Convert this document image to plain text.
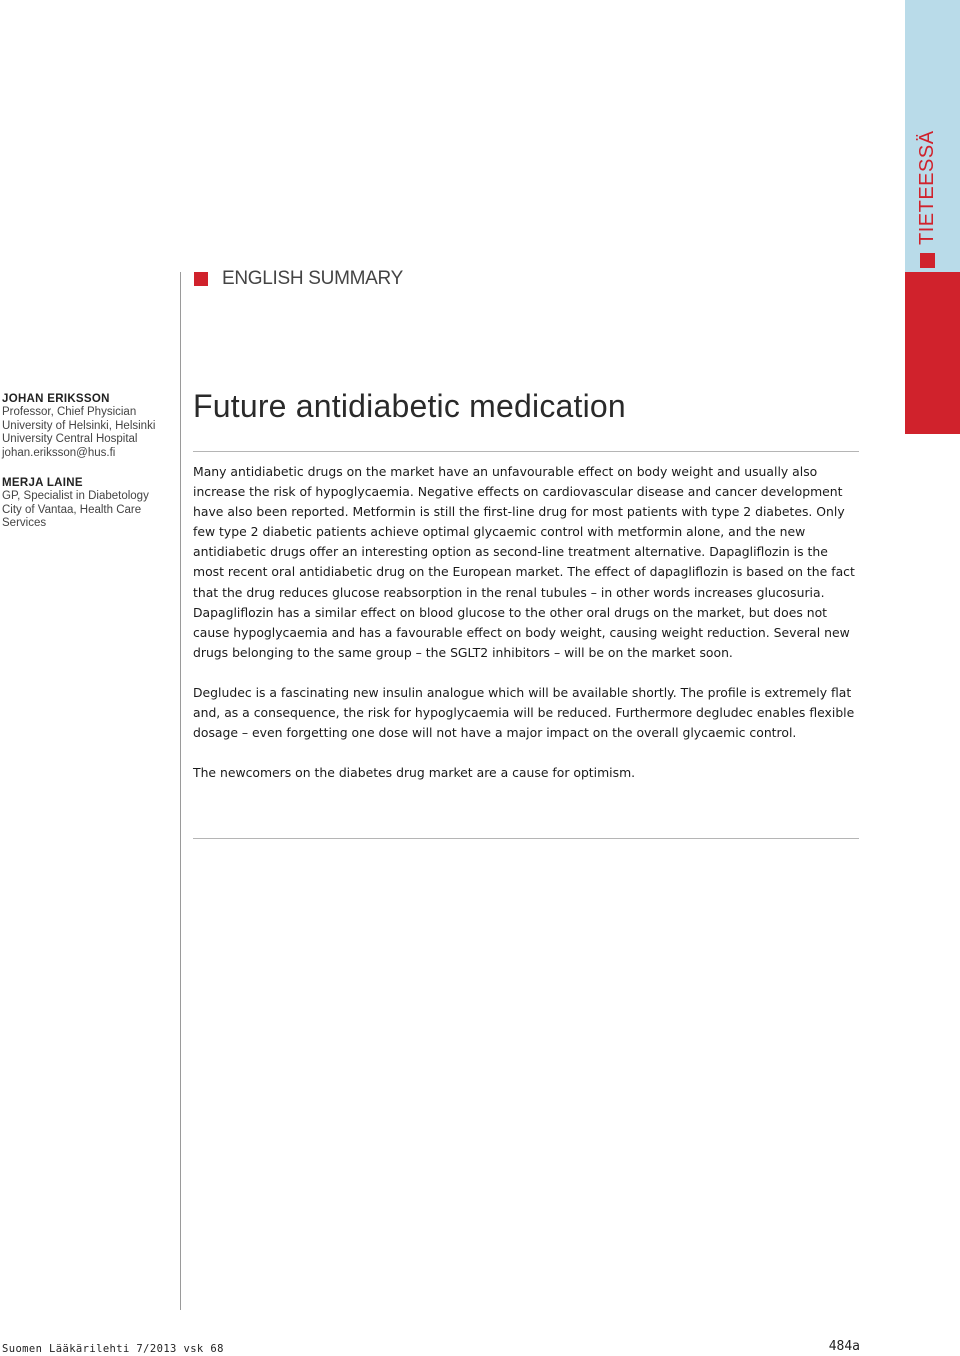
TIETEESSÄ
ENGLISH SUMMARY
JOHAN ERIKSSON
Professor, Chief Physician
University of Helsinki, Helsinki
University Central Hospital
johan.eriksson@hus.fi
MERJA LAINE
GP, Specialist in Diabetology
City of Vantaa, Health Care
Services
Future antidiabetic medication

Many antidiabetic drugs on the market have an unfavourable effect on body weight and usually also increase the risk of hypoglycaemia. Negative effects on cardiovascular disease and cancer development have also been reported. Metformin is still the first-line drug for most patients with type 2 diabetes. Only few type 2 diabetic patients achieve optimal glycaemic control with metformin alone, and the new antidiabetic drugs offer an interesting option as second-line treatment alternative. Dapagliflozin is the most recent oral antidiabetic drug on the European market. The effect of dapagliflozin is based on the fact that the drug reduces glucose reabsorption in the renal tubules – in other words increases glucosuria. Dapagliflozin has a similar effect on blood glucose to the other oral drugs on the market, but does not cause hypoglycaemia and has a favourable effect on body weight, causing weight reduction. Several new drugs belonging to the same group – the SGLT2 inhibitors – will be on the market soon.

Degludec is a fascinating new insulin analogue which will be available shortly. The profile is extremely flat and, as a consequence, the risk for hypoglycaemia will be reduced. Furthermore degludec enables flexible dosage – even forgetting one dose will not have a major impact on the overall glycaemic control.

The newcomers on the diabetes drug market are a cause for optimism.

Suomen Lääkärilehti 7/2013 vsk 68	484a
